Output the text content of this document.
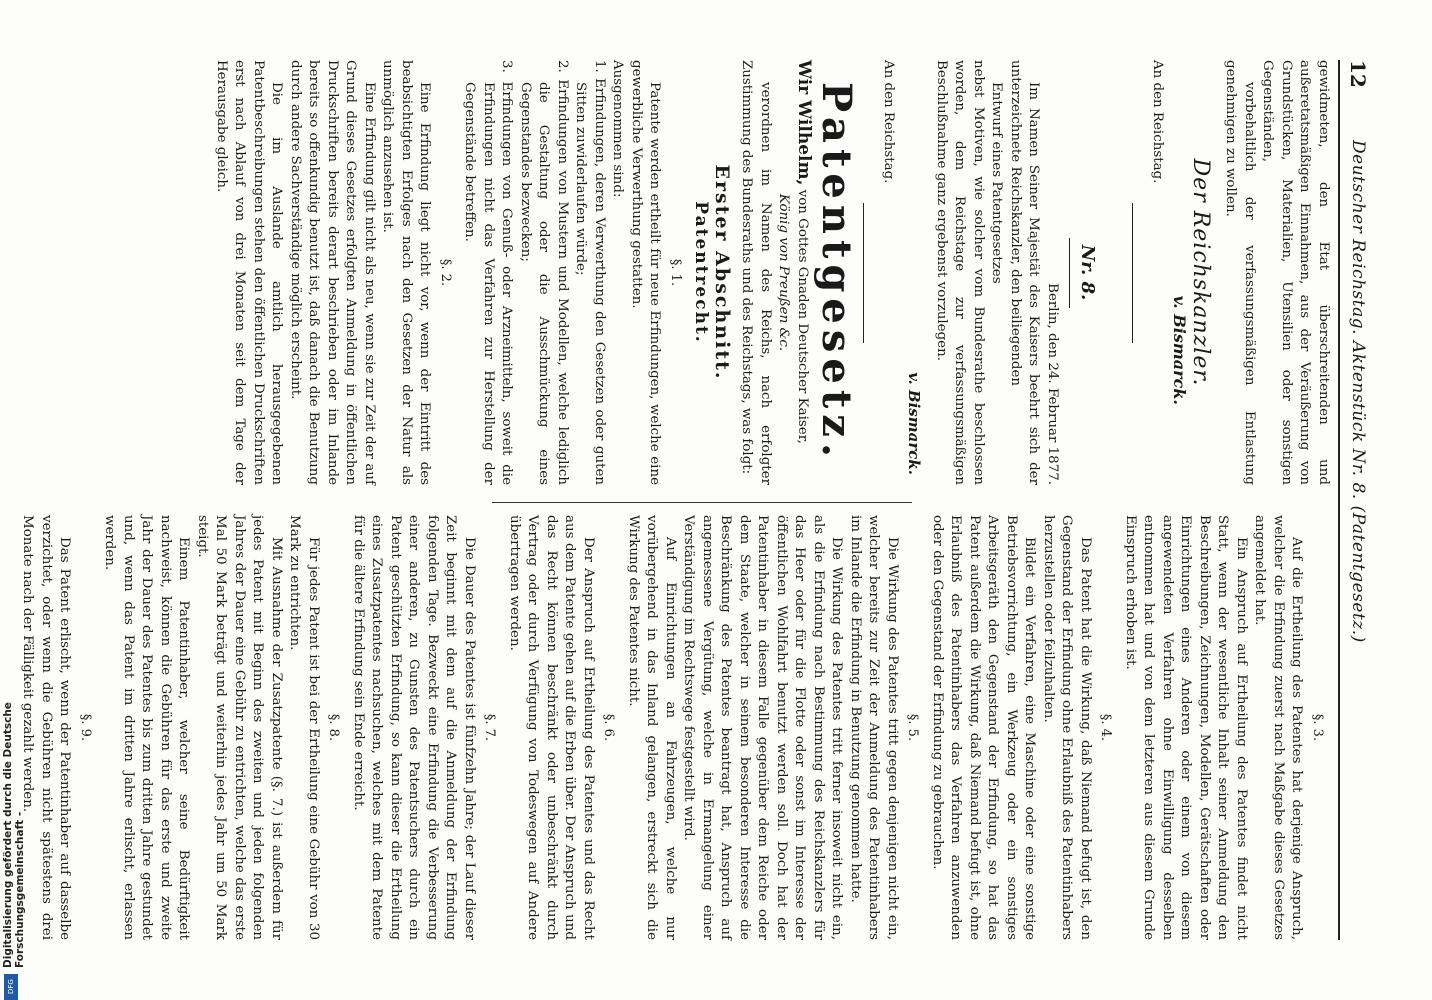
12
Deutscher Reichstag. Aktenstück Nr. 8. (Patentgesetz.)

gewidmeten, den Etat überschreitenden und außeretatsmäßigen Einnahmen, aus der Veräußerung von Grundstücken, Materialien, Utensilien oder sonstigen Gegenständen,

vorbehaltlich der verfassungsmäßigen Entlastung genehmigen zu wollen.

Der Reichskanzler.
v. Bismarck.
An den Reichstag.
Nr. 8.
Berlin, den 24. Februar 1877.

Im Namen Seiner Majestät des Kaisers beehrt sich der unterzeichnete Reichskanzler, den beiliegenden

Entwurf eines Patentgesetzes

nebst Motiven, wie solcher vom Bundesrathe beschlossen worden, dem Reichstage zur verfassungsmäßigen Beschlußnahme ganz ergebenst vorzulegen.

v. Bismarck.
An den Reichstag.
Patentgesetz.
Wir Wilhelm, von Gottes Gnaden Deutscher Kaiser,
König von Preußen &c.

verordnen im Namen des Reichs, nach erfolgter Zustimmung des Bundesraths und des Reichstags, was folgt:

Erster Abschnitt.
Patentrecht.
§. 1.

Patente werden ertheilt für neue Erfindungen, welche eine gewerbliche Verwerthung gestatten.

Ausgenommen sind:

1. Erfindungen, deren Verwerthung den Gesetzen oder guten Sitten zuwiderlaufen würde;
2. Erfindungen von Mustern und Modellen, welche lediglich die Gestaltung oder die Ausschmückung eines Gegenstandes bezwecken;
3. Erfindungen von Genuß- oder Arzneimitteln, soweit die Erfindungen nicht das Verfahren zur Herstellung der Gegenstände betreffen.
§. 2.

Eine Erfindung liegt nicht vor, wenn der Eintritt des beabsichtigten Erfolges nach den Gesetzen der Natur als unmöglich anzusehen ist.

Eine Erfindung gilt nicht als neu, wenn sie zur Zeit der auf Grund dieses Gesetzes erfolgten Anmeldung in öffentlichen Druckschriften bereits derart beschrieben oder im Inlande bereits so offenkundig benutzt ist, daß danach die Benutzung durch andere Sachverständige möglich erscheint.

Die im Auslande amtlich herausgegebenen Patentbeschreibungen stehen den öffentlichen Druckschriften erst nach Ablauf von drei Monaten seit dem Tage der Herausgabe gleich.

§. 3.

Auf die Ertheilung des Patentes hat derjenige Anspruch, welcher die Erfindung zuerst nach Maßgabe dieses Gesetzes angemeldet hat.

Ein Anspruch auf Ertheilung des Patentes findet nicht Statt, wenn der wesentliche Inhalt seiner Anmeldung den Beschreibungen, Zeichnungen, Modellen, Gerätschaften oder Einrichtungen eines Anderen oder einem von diesem angewendeten Verfahren ohne Einwilligung desselben entnommen hat und von dem letzteren aus diesem Grunde Einspruch erhoben ist.

§. 4.

Das Patent hat die Wirkung, daß Niemand befugt ist, den Gegenstand der Erfindung ohne Erlaubniß des Patentinhabers herzustellen oder feilzuhalten.

Bildet ein Verfahren, eine Maschine oder eine sonstige Betriebsvorrichtung, ein Werkzeug oder ein sonstiges Arbeitsgeräth den Gegenstand der Erfindung, so hat das Patent außerdem die Wirkung, daß Niemand befugt ist, ohne Erlaubniß des Patentinhabers das Verfahren anzuwenden oder den Gegenstand der Erfindung zu gebrauchen.

§. 5.

Die Wirkung des Patentes tritt gegen denjenigen nicht ein, welcher bereits zur Zeit der Anmeldung des Patentinhabers im Inlande die Erfindung in Benutzung genommen hatte.

Die Wirkung des Patentes tritt ferner insoweit nicht ein, als die Erfindung nach Bestimmung des Reichskanzlers für das Heer oder für die Flotte oder sonst im Interesse der öffentlichen Wohlfahrt benutzt werden soll. Doch hat der Patentinhaber in diesem Falle gegenüber dem Reiche oder dem Staate, welcher in seinem besonderen Interesse die Beschränkung des Patentes beantragt hat, Anspruch auf angemessene Vergütung, welche in Ermangelung einer Verständigung im Rechtswege festgestellt wird.

Auf Einrichtungen an Fahrzeugen, welche nur vorübergehend in das Inland gelangen, erstreckt sich die Wirkung des Patentes nicht.

§. 6.

Der Anspruch auf Ertheilung des Patentes und das Recht aus dem Patente gehen auf die Erben über. Der Anspruch und das Recht können beschränkt oder unbeschränkt durch Vertrag oder durch Verfügung von Todeswegen auf Andere übertragen werden.

§. 7.

Die Dauer des Patentes ist fünfzehn Jahre; der Lauf dieser Zeit beginnt mit dem auf die Anmeldung der Erfindung folgenden Tage. Bezweckt eine Erfindung die Verbesserung einer anderen, zu Gunsten des Patentsuchers durch ein Patent geschützten Erfindung, so kann dieser die Ertheilung eines Zusatzpatentes nachsuchen, welches mit dem Patente für die ältere Erfindung sein Ende erreicht.

§. 8.

Für jedes Patent ist bei der Ertheilung eine Gebühr von 30 Mark zu entrichten.

Mit Ausnahme der Zusatzpatente (§. 7.) ist außerdem für jedes Patent mit Beginn des zweiten und jeden folgenden Jahres der Dauer eine Gebühr zu entrichten, welche das erste Mal 50 Mark beträgt und weiterhin jedes Jahr um 50 Mark steigt.

Einem Patentinhaber, welcher seine Bedürftigkeit nachweist, können die Gebühren für das erste und zweite Jahr der Dauer des Patentes bis zum dritten Jahre gestundet und, wenn das Patent im dritten Jahre erlischt, erlassen werden.

§. 9.

Das Patent erlischt, wenn der Patentinhaber auf dasselbe verzichtet, oder wenn die Gebühren nicht spätestens drei Monate nach der Fälligkeit gezahlt werden.

Digitalisierung gefördert durch die Deutsche Forschungsgemeinschaft -
DFG
